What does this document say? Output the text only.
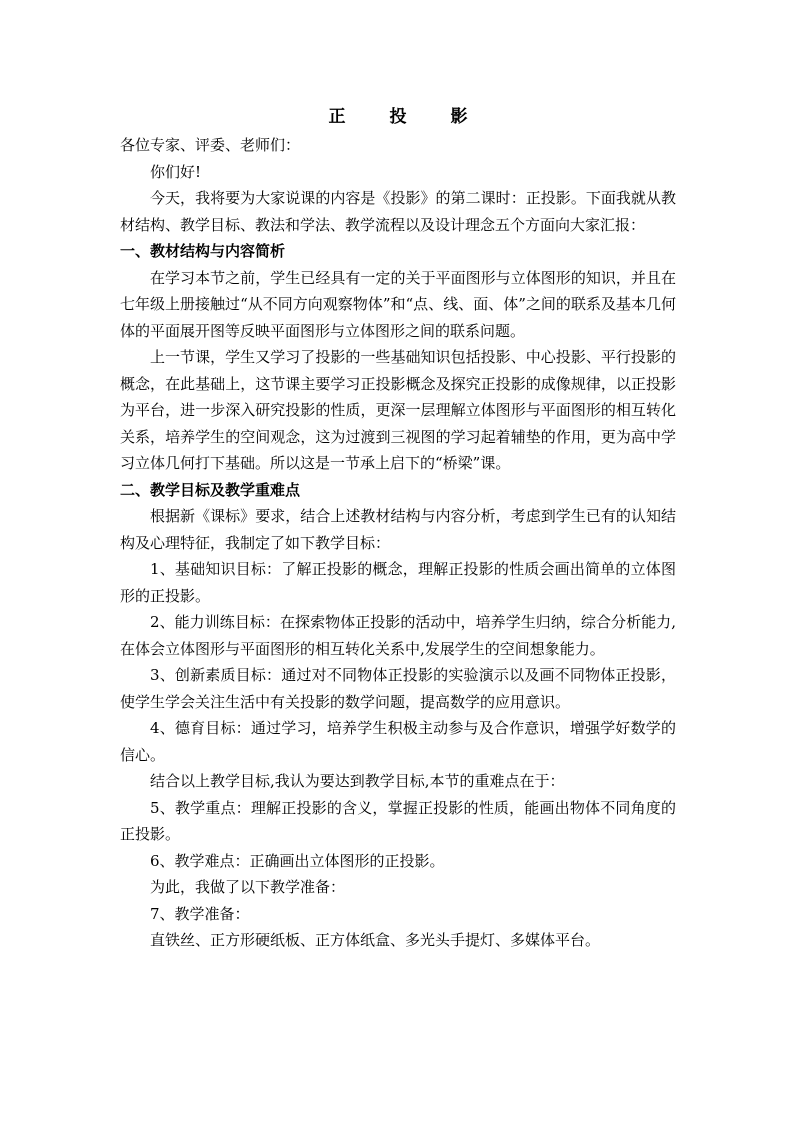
正投影

各位专家、评委、老师们：

你们好!

今天，我将要为大家说课的内容是《投影》的第二课时：正投影。下面我就从教材结构、教学目标、教法和学法、教学流程以及设计理念五个方面向大家汇报：

一、教材结构与内容简析

在学习本节之前，学生已经具有一定的关于平面图形与立体图形的知识，并且在七年级上册接触过“从不同方向观察物体”和“点、线、面、体”之间的联系及基本几何体的平面展开图等反映平面图形与立体图形之间的联系问题。

上一节课，学生又学习了投影的一些基础知识包括投影、中心投影、平行投影的概念，在此基础上，这节课主要学习正投影概念及探究正投影的成像规律，以正投影为平台，进一步深入研究投影的性质，更深一层理解立体图形与平面图形的相互转化关系，培养学生的空间观念，这为过渡到三视图的学习起着辅垫的作用，更为高中学习立体几何打下基础。所以这是一节承上启下的“桥梁”课。

二、教学目标及教学重难点

根据新《课标》要求，结合上述教材结构与内容分析，考虑到学生已有的认知结构及心理特征，我制定了如下教学目标：

1、基础知识目标：了解正投影的概念，理解正投影的性质会画出简单的立体图形的正投影。

2、能力训练目标：在探索物体正投影的活动中，培养学生归纳，综合分析能力,在体会立体图形与平面图形的相互转化关系中,发展学生的空间想象能力。

3、创新素质目标：通过对不同物体正投影的实验演示以及画不同物体正投影，使学生学会关注生活中有关投影的数学问题，提高数学的应用意识。

4、德育目标：通过学习，培养学生积极主动参与及合作意识，增强学好数学的信心。

结合以上教学目标,我认为要达到教学目标,本节的重难点在于：

5、教学重点：理解正投影的含义，掌握正投影的性质，能画出物体不同角度的正投影。

6、教学难点：正确画出立体图形的正投影。

为此，我做了以下教学准备：

7、教学准备：

直铁丝、正方形硬纸板、正方体纸盒、多光头手提灯、多媒体平台。
